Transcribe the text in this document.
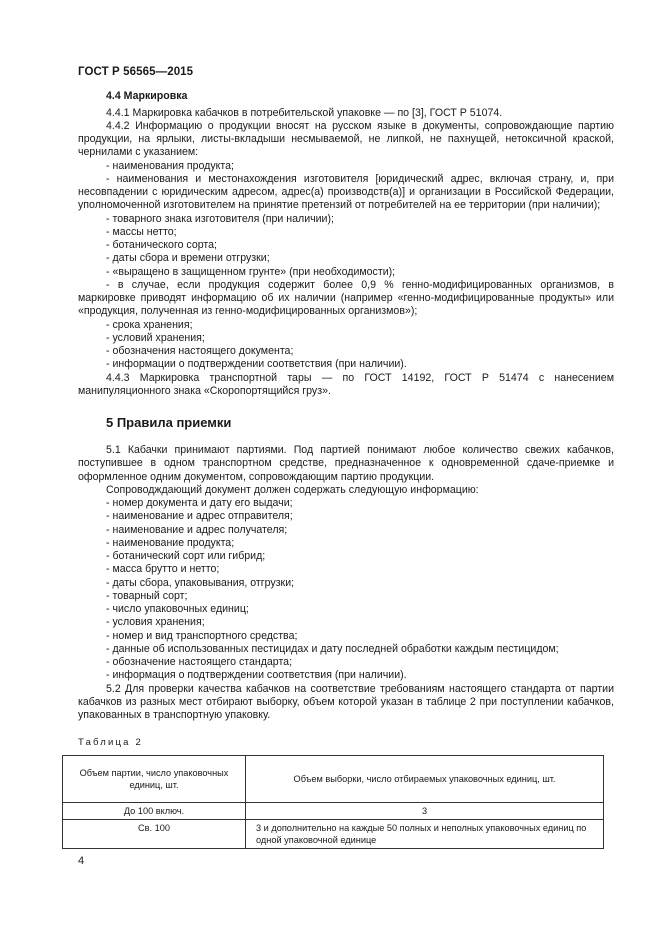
ГОСТ Р 56565—2015
4.4 Маркировка

4.4.1 Маркировка кабачков в потребительской упаковке — по [3], ГОСТ Р 51074.

4.4.2 Информацию о продукции вносят на русском языке в документы, сопровождающие партию продукции, на ярлыки, листы-вкладыши несмываемой, не липкой, не пахнущей, нетоксичной краской, чернилами с указанием:

- наименования продукта;

- наименования и местонахождения изготовителя [юридический адрес, включая страну, и, при несовпадении с юридическим адресом, адрес(а) производств(а)] и организации в Российской Федерации, уполномоченной изготовителем на принятие претензий от потребителей на ее территории (при наличии);

- товарного знака изготовителя (при наличии);

- массы нетто;

- ботанического сорта;

- даты сбора и времени отгрузки;

- «выращено в защищенном грунте» (при необходимости);

- в случае, если продукция содержит более 0,9 % генно-модифицированных организмов, в маркировке приводят информацию об их наличии (например «генно-модифицированные продукты» или «продукция, полученная из генно-модифицированных организмов»);

- срока хранения;

- условий хранения;

- обозначения настоящего документа;

- информации о подтверждении соответствия (при наличии).

4.4.3 Маркировка транспортной тары — по ГОСТ 14192, ГОСТ Р 51474 с нанесением манипуляционного знака «Скоропортящийся груз».

5 Правила приемки

5.1 Кабачки принимают партиями. Под партией понимают любое количество свежих кабачков, поступившее в одном транспортном средстве, предназначенное к одновременной сдаче-приемке и оформленное одним документом, сопровождающим партию продукции.

Сопроводждающий документ должен содержать следующую информацию:

- номер документа и дату его выдачи;

- наименование и адрес отправителя;

- наименование и адрес получателя;

- наименование продукта;

- ботанический сорт или гибрид;

- масса брутто и нетто;

- даты сбора, упаковывания, отгрузки;

- товарный сорт;

- число упаковочных единиц;

- условия хранения;

- номер и вид транспортного средства;

- данные об использованных пестицидах и дату последней обработки каждым пестицидом;

- обозначение настоящего стандарта;

- информация о подтверждении соответствия (при наличии).

5.2 Для проверки качества кабачков на соответствие требованиям настоящего стандарта от партии кабачков из разных мест отбирают выборку, объем которой указан в таблице 2 при поступлении кабачков, упакованных в транспортную упаковку.

Таблица 2
Объем партии, число упаковочных единиц, шт.	Объем выборки, число отбираемых упаковочных единиц, шт.
До 100 включ.	3
Св. 100	3 и дополнительно на каждые 50 полных и неполных упаковочных единиц по одной упаковочной единице
4
